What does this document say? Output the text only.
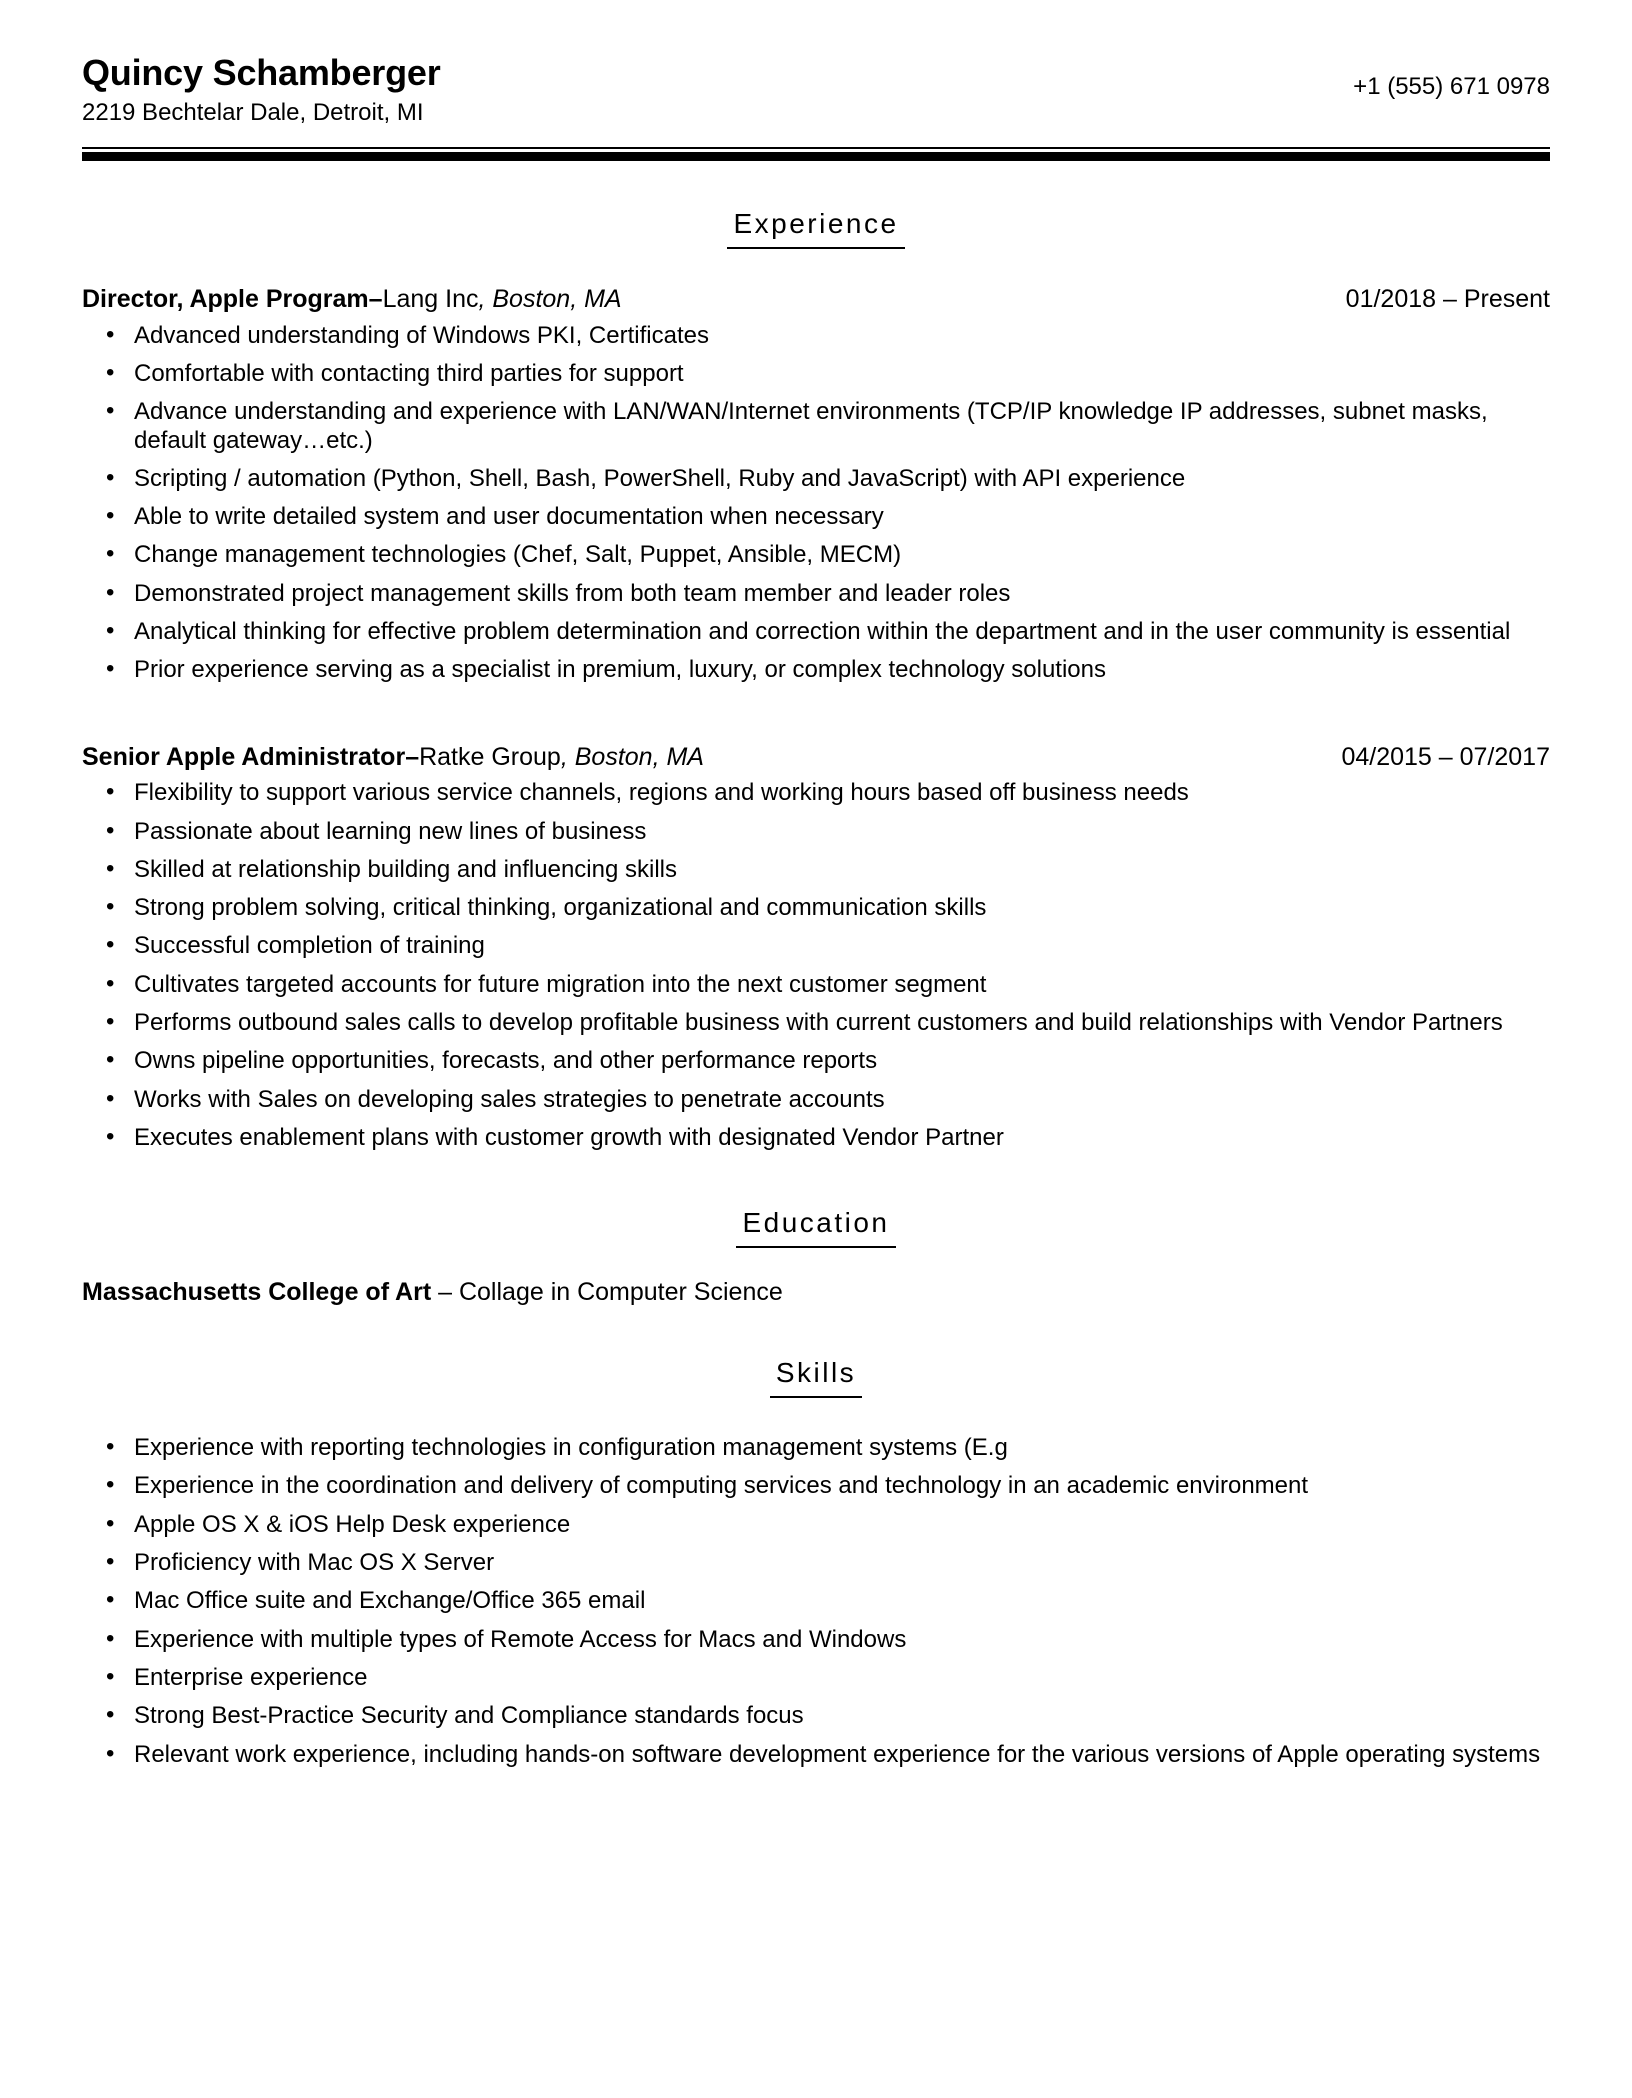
Quincy Schamberger
2219 Bechtelar Dale, Detroit, MI
+1 (555) 671 0978
Experience
Director, Apple Program–Lang Inc, Boston, MA	01/2018 – Present
• Advanced understanding of Windows PKI, Certificates
• Comfortable with contacting third parties for support
• Advance understanding and experience with LAN/WAN/Internet environments (TCP/IP knowledge IP addresses, subnet masks, default gateway…etc.)
• Scripting / automation (Python, Shell, Bash, PowerShell, Ruby and JavaScript) with API experience
• Able to write detailed system and user documentation when necessary
• Change management technologies (Chef, Salt, Puppet, Ansible, MECM)
• Demonstrated project management skills from both team member and leader roles
• Analytical thinking for effective problem determination and correction within the department and in the user community is essential
• Prior experience serving as a specialist in premium, luxury, or complex technology solutions
Senior Apple Administrator–Ratke Group, Boston, MA	04/2015 – 07/2017
• Flexibility to support various service channels, regions and working hours based off business needs
• Passionate about learning new lines of business
• Skilled at relationship building and influencing skills
• Strong problem solving, critical thinking, organizational and communication skills
• Successful completion of training
• Cultivates targeted accounts for future migration into the next customer segment
• Performs outbound sales calls to develop profitable business with current customers and build relationships with Vendor Partners
• Owns pipeline opportunities, forecasts, and other performance reports
• Works with Sales on developing sales strategies to penetrate accounts
• Executes enablement plans with customer growth with designated Vendor Partner
Education
Massachusetts College of Art – Collage in Computer Science
Skills
• Experience with reporting technologies in configuration management systems (E.g
• Experience in the coordination and delivery of computing services and technology in an academic environment
• Apple OS X & iOS Help Desk experience
• Proficiency with Mac OS X Server
• Mac Office suite and Exchange/Office 365 email
• Experience with multiple types of Remote Access for Macs and Windows
• Enterprise experience
• Strong Best-Practice Security and Compliance standards focus
• Relevant work experience, including hands-on software development experience for the various versions of Apple operating systems
